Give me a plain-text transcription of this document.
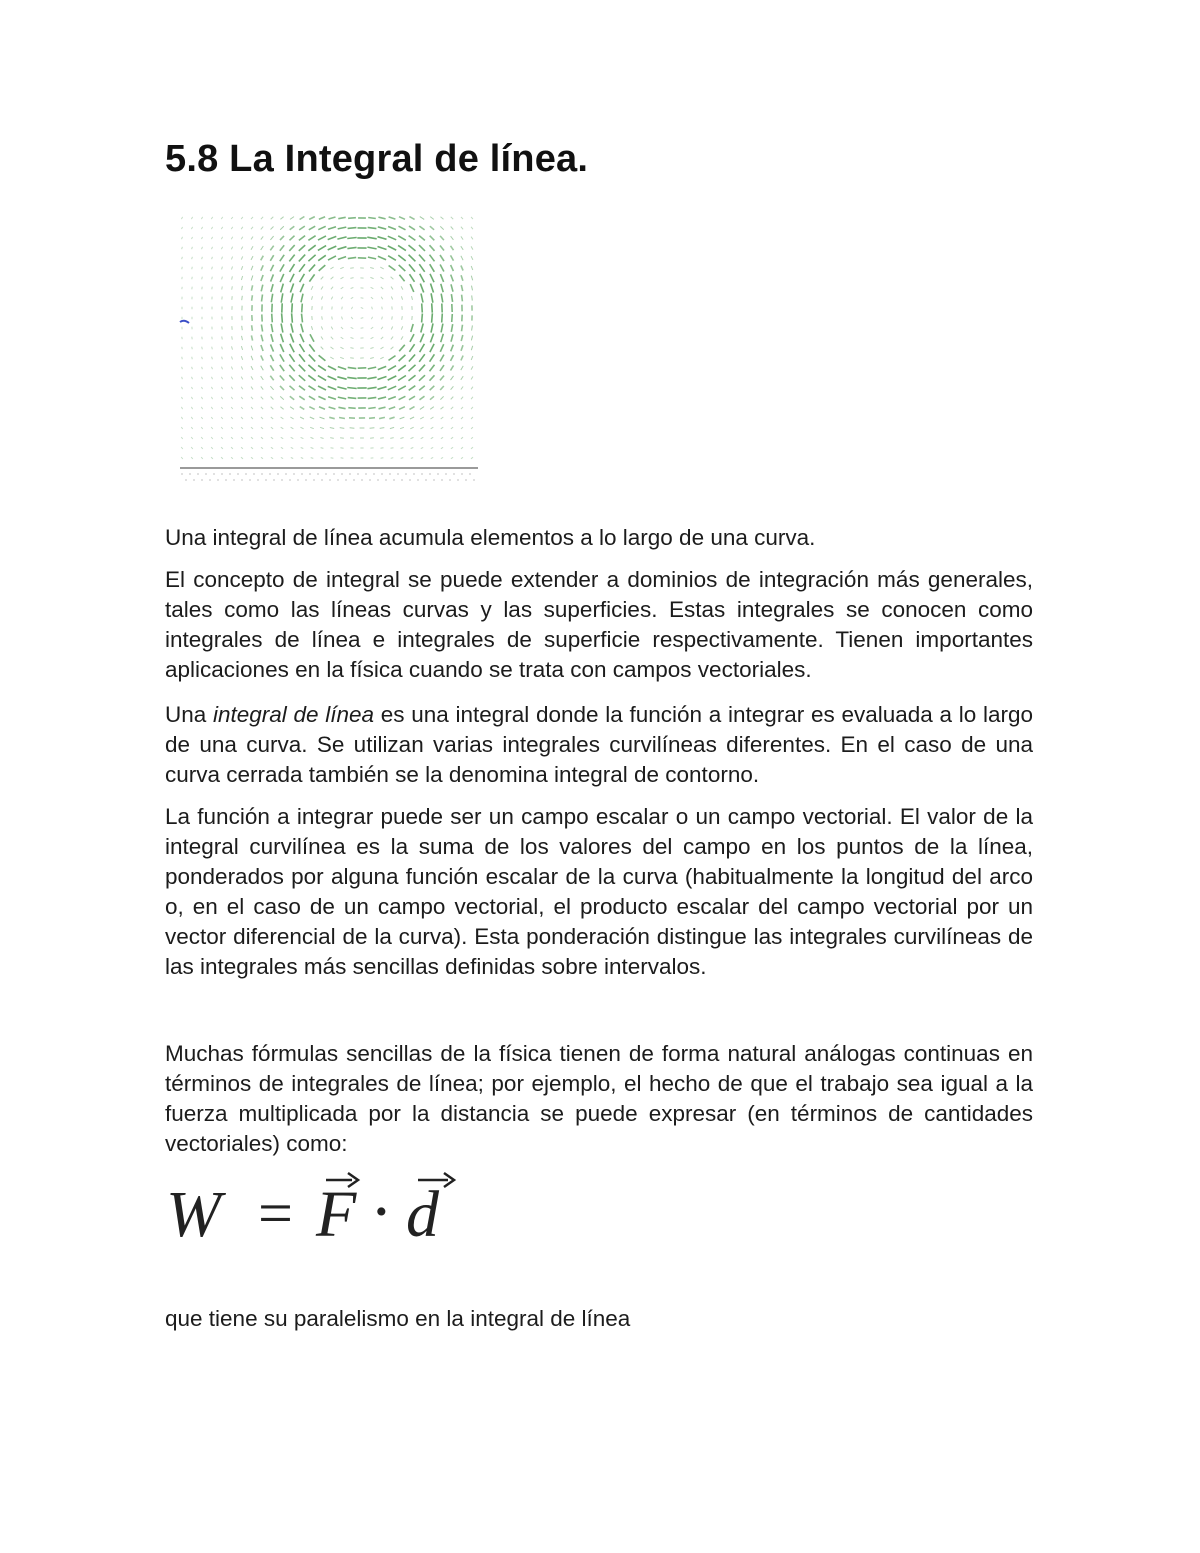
5.8 La Integral de línea.

Una integral de línea acumula elementos a lo largo de una curva.

El concepto de integral se puede extender a dominios de integración más generales, tales como las líneas curvas y las superficies. Estas integrales se conocen como integrales de línea e integrales de superficie respectivamente. Tienen importantes aplicaciones en la física cuando se trata con campos vectoriales.

Una integral de línea es una integral donde la función a integrar es evaluada a lo largo de una curva. Se utilizan varias integrales curvilíneas diferentes. En el caso de una curva cerrada también se la denomina integral de contorno.

La función a integrar puede ser un campo escalar o un campo vectorial. El valor de la integral curvilínea es la suma de los valores del campo en los puntos de la línea, ponderados por alguna función escalar de la curva (habitualmente la longitud del arco o, en el caso de un campo vectorial, el producto escalar del campo vectorial por un vector diferencial de la curva). Esta ponderación distingue las integrales curvilíneas de las integrales más sencillas definidas sobre intervalos.

Muchas fórmulas sencillas de la física tienen de forma natural análogas continuas en términos de integrales de línea; por ejemplo, el hecho de que el trabajo sea igual a la fuerza multiplicada por la distancia se puede expresar (en términos de cantidades vectoriales) como:

W = F · d

que tiene su paralelismo en la integral de línea
